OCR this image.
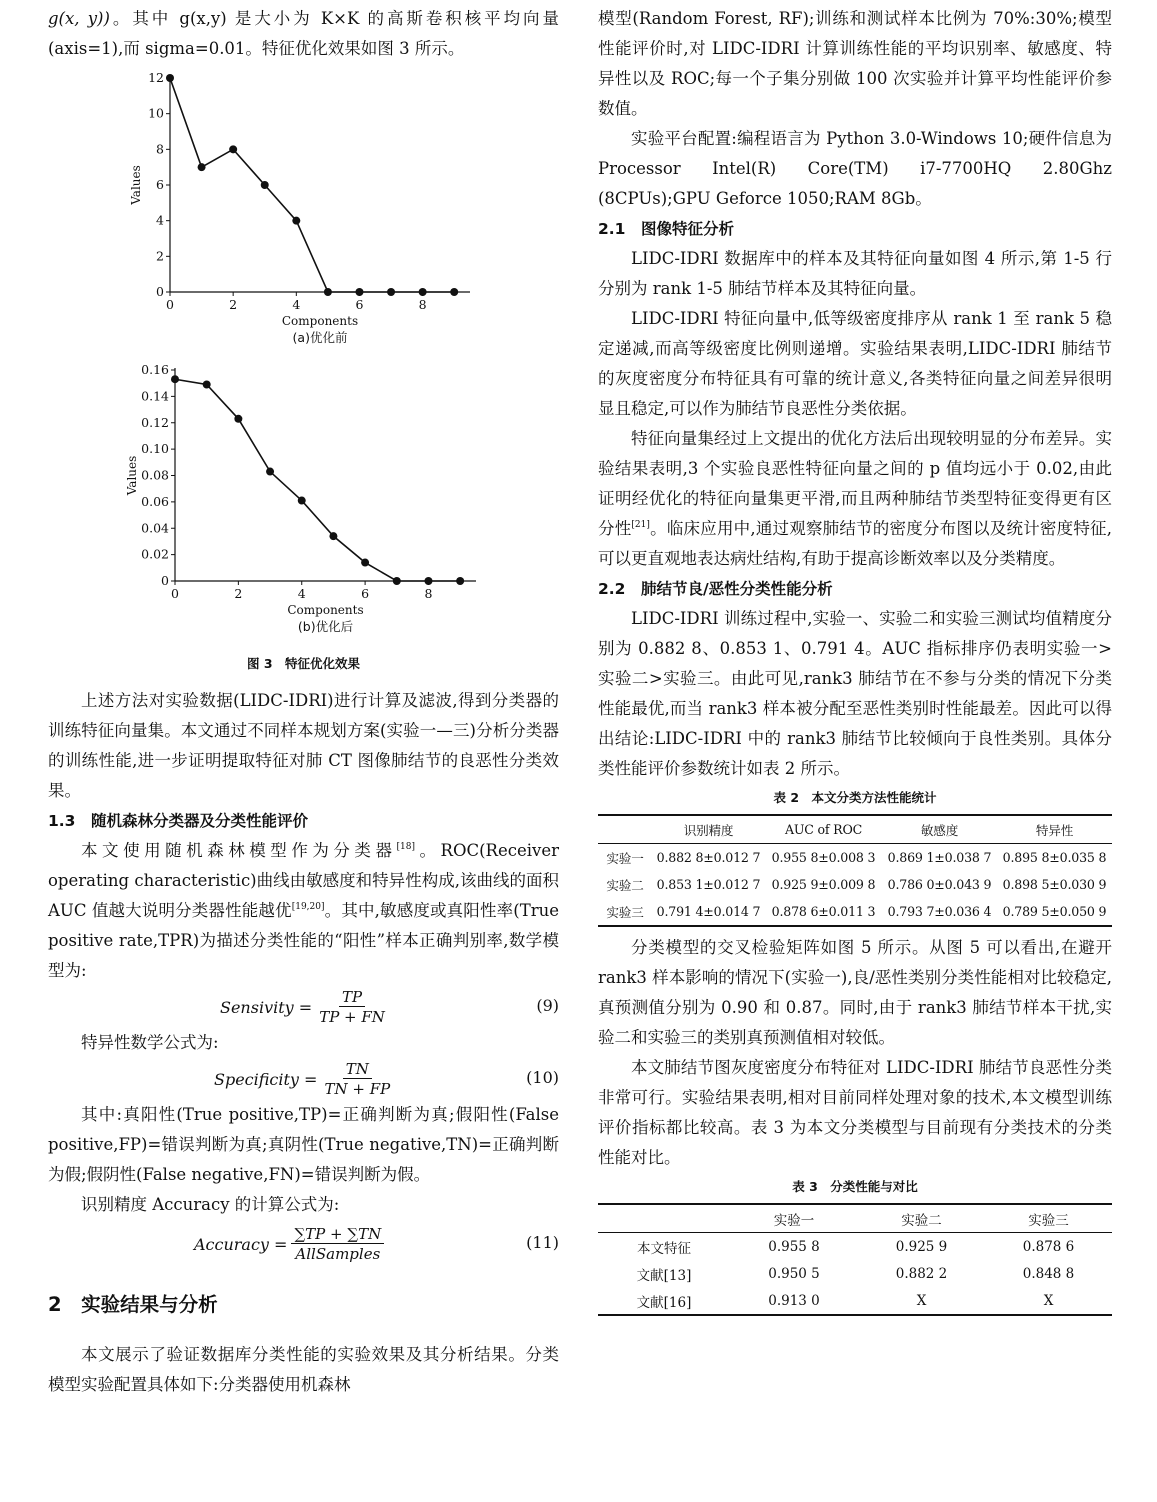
g(x, y))。其中 g(x,y) 是大小为 K×K 的高斯卷积核平均向量(axis=1),而 sigma=0.01。特征优化效果如图 3 所示。

0
2
4
6
8
10
12
0	2	4	6	8
Values
Components
(a)优化前
0
0.02
0.04
0.06
0.08
0.10
0.12
0.14
0.16
0	2	4	6	8
Values
Components
(b)优化后
图 3　特征优化效果

上述方法对实验数据(LIDC-IDRI)进行计算及滤波,得到分类器的训练特征向量集。本文通过不同样本规划方案(实验一—三)分析分类器的训练性能,进一步证明提取特征对肺 CT 图像肺结节的良恶性分类效果。

1.3　随机森林分类器及分类性能评价

本文使用随机森林模型作为分类器[18]。ROC(Receiver operating characteristic)曲线由敏感度和特异性构成,该曲线的面积 AUC 值越大说明分类器性能越优[19,20]。其中,敏感度或真阳性率(True positive rate,TPR)为描述分类性能的“阳性”样本正确判别率,数学模型为:

Sensivity = $\frac{TP}{TP + FN}$	(9)

特异性数学公式为:

Specificity = $\frac{TN}{TN + FP}$	(10)

其中:真阳性(True positive,TP)=正确判断为真;假阳性(False positive,FP)=错误判断为真;真阴性(True negative,TN)=正确判断为假;假阴性(False negative,FN)=错误判断为假。

识别精度 Accuracy 的计算公式为:

Accuracy = $\frac{\sum TP + \sum TN}{\text{AllSamples}}$	(11)
2　实验结果与分析

本文展示了验证数据库分类性能的实验效果及其分析结果。分类模型实验配置具体如下:分类器使用机森林

模型(Random Forest, RF);训练和测试样本比例为 70%:30%;模型性能评价时,对 LIDC-IDRI 计算训练性能的平均识别率、敏感度、特异性以及 ROC;每一个子集分别做 100 次实验并计算平均性能评价参数值。

实验平台配置:编程语言为 Python 3.0-Windows 10;硬件信息为 Processor Intel(R) Core(TM) i7-7700HQ 2.80Ghz (8CPUs);GPU Geforce 1050;RAM 8Gb。

2.1　图像特征分析

LIDC-IDRI 数据库中的样本及其特征向量如图 4 所示,第 1-5 行分别为 rank 1-5 肺结节样本及其特征向量。

LIDC-IDRI 特征向量中,低等级密度排序从 rank 1 至 rank 5 稳定递减,而高等级密度比例则递增。实验结果表明,LIDC-IDRI 肺结节的灰度密度分布特征具有可靠的统计意义,各类特征向量之间差异很明显且稳定,可以作为肺结节良恶性分类依据。

特征向量集经过上文提出的优化方法后出现较明显的分布差异。实验结果表明,3 个实验良恶性特征向量之间的 p 值均远小于 0.02,由此证明经优化的特征向量集更平滑,而且两种肺结节类型特征变得更有区分性[21]。临床应用中,通过观察肺结节的密度分布图以及统计密度特征,可以更直观地表达病灶结构,有助于提高诊断效率以及分类精度。

2.2　肺结节良/恶性分类性能分析

LIDC-IDRI 训练过程中,实验一、实验二和实验三测试均值精度分别为 0.882 8、0.853 1、0.791 4。AUC 指标排序仍表明实验一>实验二>实验三。由此可见,rank3 肺结节在不参与分类的情况下分类性能最优,而当 rank3 样本被分配至恶性类别时性能最差。因此可以得出结论:LIDC-IDRI 中的 rank3 肺结节比较倾向于良性类别。具体分类性能评价参数统计如表 2 所示。

表 2　本文分类方法性能统计
	识别精度	AUC of ROC	敏感度	特异性
实验一	0.882 8±0.012 7	0.955 8±0.008 3	0.869 1±0.038 7	0.895 8±0.035 8
实验二	0.853 1±0.012 7	0.925 9±0.009 8	0.786 0±0.043 9	0.898 5±0.030 9
实验三	0.791 4±0.014 7	0.878 6±0.011 3	0.793 7±0.036 4	0.789 5±0.050 9

分类模型的交叉检验矩阵如图 5 所示。从图 5 可以看出,在避开 rank3 样本影响的情况下(实验一),良/恶性类别分类性能相对比较稳定,真预测值分别为 0.90 和 0.87。同时,由于 rank3 肺结节样本干扰,实验二和实验三的类别真预测值相对较低。

本文肺结节图灰度密度分布特征对 LIDC-IDRI 肺结节良恶性分类非常可行。实验结果表明,相对目前同样处理对象的技术,本文模型训练评价指标都比较高。表 3 为本文分类模型与目前现有分类技术的分类性能对比。

表 3　分类性能与对比
	实验一	实验二	实验三
本文特征	0.955 8	0.925 9	0.878 6
文献[13]	0.950 5	0.882 2	0.848 8
文献[16]	0.913 0	X	X
